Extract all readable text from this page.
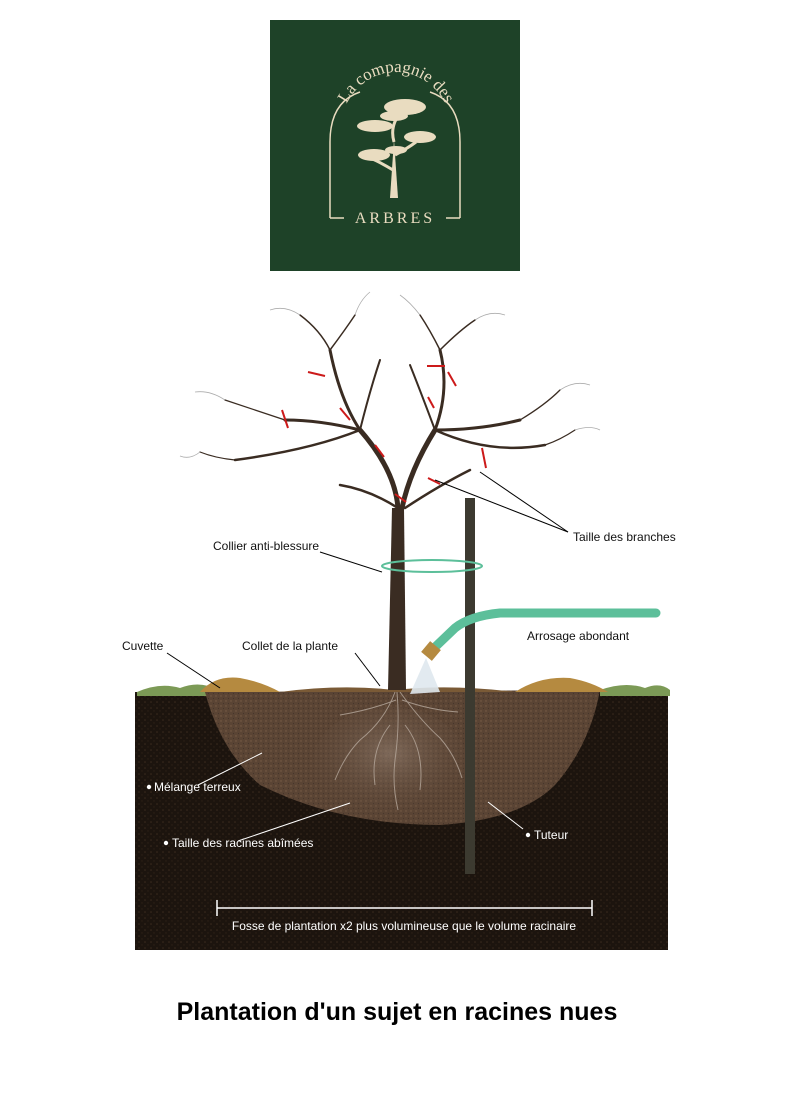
La compagnie des
ARBRES
Taille des branches
Collier anti-blessure
Arrosage abondant
Cuvette	Collet de la plante
Mélange terreux
Taille des racines abîmées
Tuteur
Fosse de plantation x2 plus volumineuse que le volume racinaire
Plantation d'un sujet en racines nues
